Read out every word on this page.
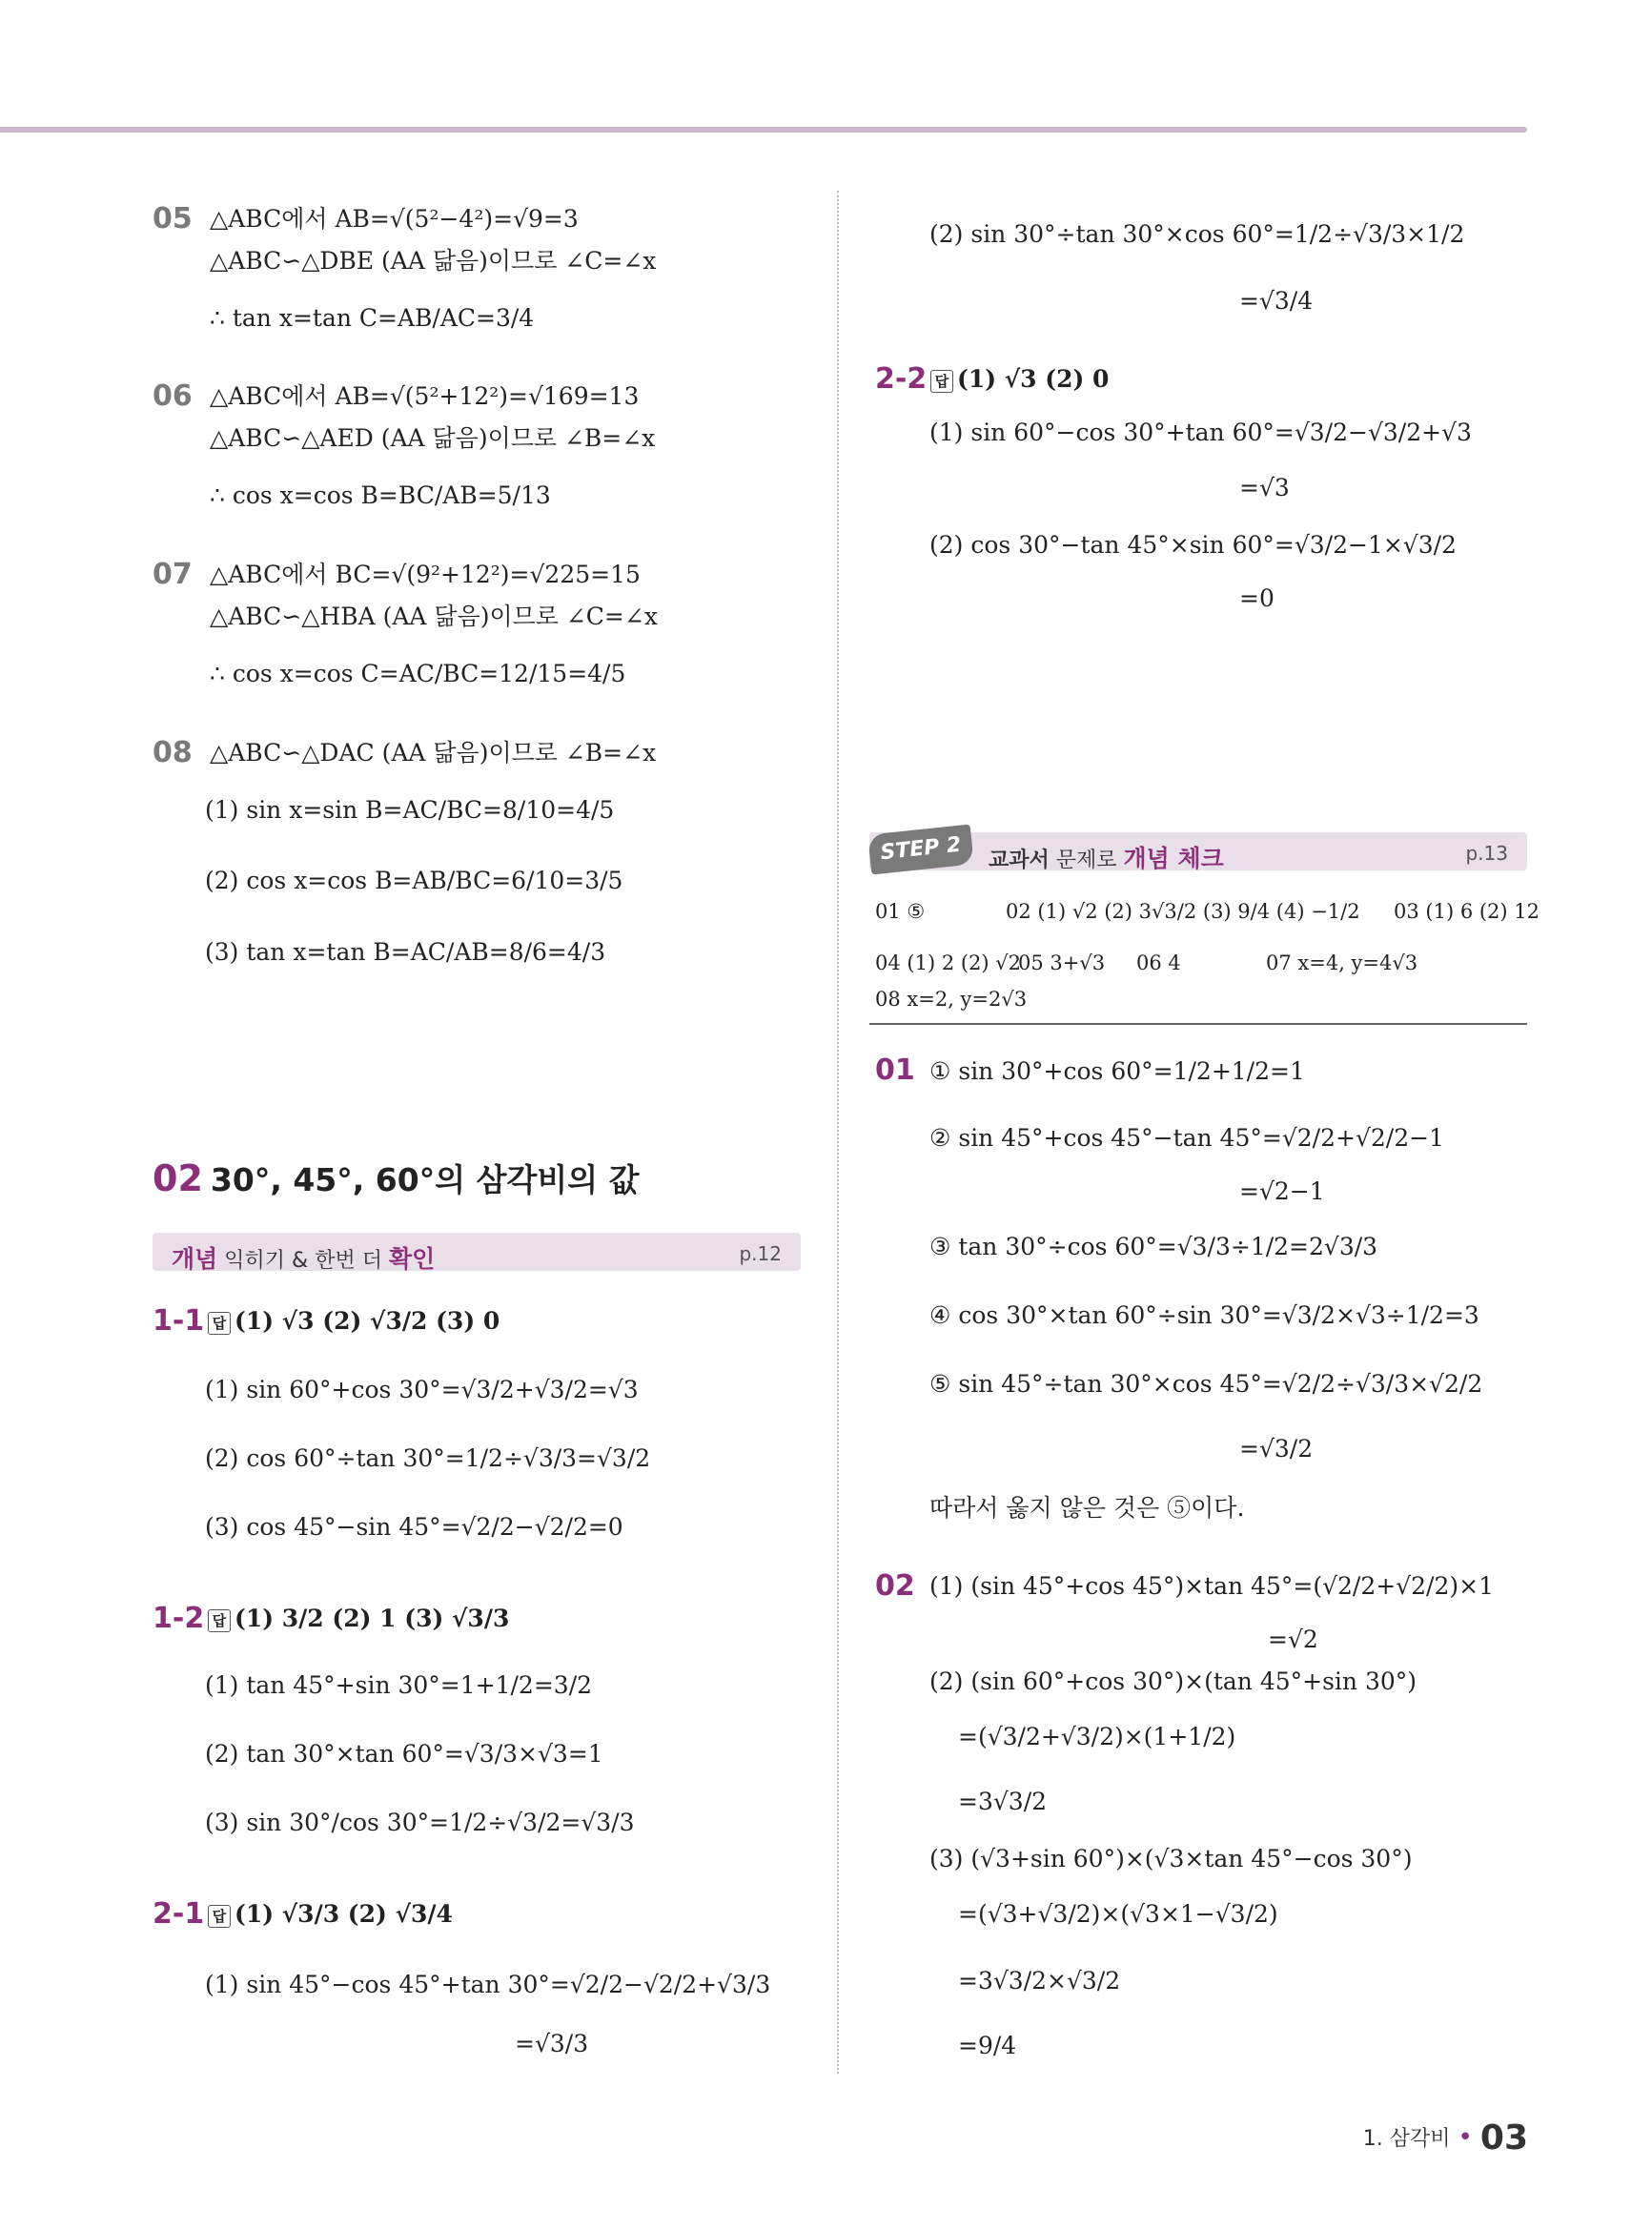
05 △ABC에서 AB=√(5²−4²)=√9=3
△ABC∽△DBE (AA 닮음)이므로 ∠C=∠x
∴ tan x=tan C=AB/AC=3/4
06 △ABC에서 AB=√(5²+12²)=√169=13
△ABC∽△AED (AA 닮음)이므로 ∠B=∠x
∴ cos x=cos B=BC/AB=5/13
07 △ABC에서 BC=√(9²+12²)=√225=15
△ABC∽△HBA (AA 닮음)이므로 ∠C=∠x
∴ cos x=cos C=AC/BC=12/15=4/5
08 △ABC∽△DAC (AA 닮음)이므로 ∠B=∠x
(1) sin x=sin B=AC/BC=8/10=4/5
(2) cos x=cos B=AB/BC=6/10=3/5
(3) tan x=tan B=AC/AB=8/6=4/3
02 30°, 45°, 60°의 삼각비의 값
개념 익히기 & 한번 더 확인	p.12
1-1 답 (1) √3 (2) √3/2 (3) 0
(1) sin 60°+cos 30°=√3/2+√3/2=√3
(2) cos 60°÷tan 30°=1/2÷√3/3=√3/2
(3) cos 45°−sin 45°=√2/2−√2/2=0
1-2 답 (1) 3/2 (2) 1 (3) √3/3
(1) tan 45°+sin 30°=1+1/2=3/2
(2) tan 30°×tan 60°=√3/3×√3=1
(3) sin 30°/cos 30°=1/2÷√3/2=√3/3
2-1 답 (1) √3/3 (2) √3/4
(1) sin 45°−cos 45°+tan 30°=√2/2−√2/2+√3/3
=√3/3
(2) sin 30°÷tan 30°×cos 60°=1/2÷√3/3×1/2
=√3/4
2-2 답 (1) √3 (2) 0
(1) sin 60°−cos 30°+tan 60°=√3/2−√3/2+√3
=√3
(2) cos 30°−tan 45°×sin 60°=√3/2−1×√3/2
=0
교과서 문제로 개념 체크	p.13
STEP 2
01 ⑤	02 (1) √2 (2) 3√3/2 (3) 9/4 (4) −1/2 03 (1) 6 (2) 12
04 (1) 2 (2) √2
05 3+√3 06 4	07 x=4, y=4√3
08 x=2, y=2√3
01 ① sin 30°+cos 60°=1/2+1/2=1
② sin 45°+cos 45°−tan 45°=√2/2+√2/2−1
=√2−1
③ tan 30°÷cos 60°=√3/3÷1/2=2√3/3
④ cos 30°×tan 60°÷sin 30°=√3/2×√3÷1/2=3
⑤ sin 45°÷tan 30°×cos 45°=√2/2÷√3/3×√2/2
=√3/2
따라서 옳지 않은 것은 ⑤이다.
02 (1) (sin 45°+cos 45°)×tan 45°=(√2/2+√2/2)×1
=√2
(2) (sin 60°+cos 30°)×(tan 45°+sin 30°)
=(√3/2+√3/2)×(1+1/2)
=3√3/2
(3) (√3+sin 60°)×(√3×tan 45°−cos 30°)
=(√3+√3/2)×(√3×1−√3/2)
=3√3/2×√3/2
=9/4
1. 삼각비 • 03
